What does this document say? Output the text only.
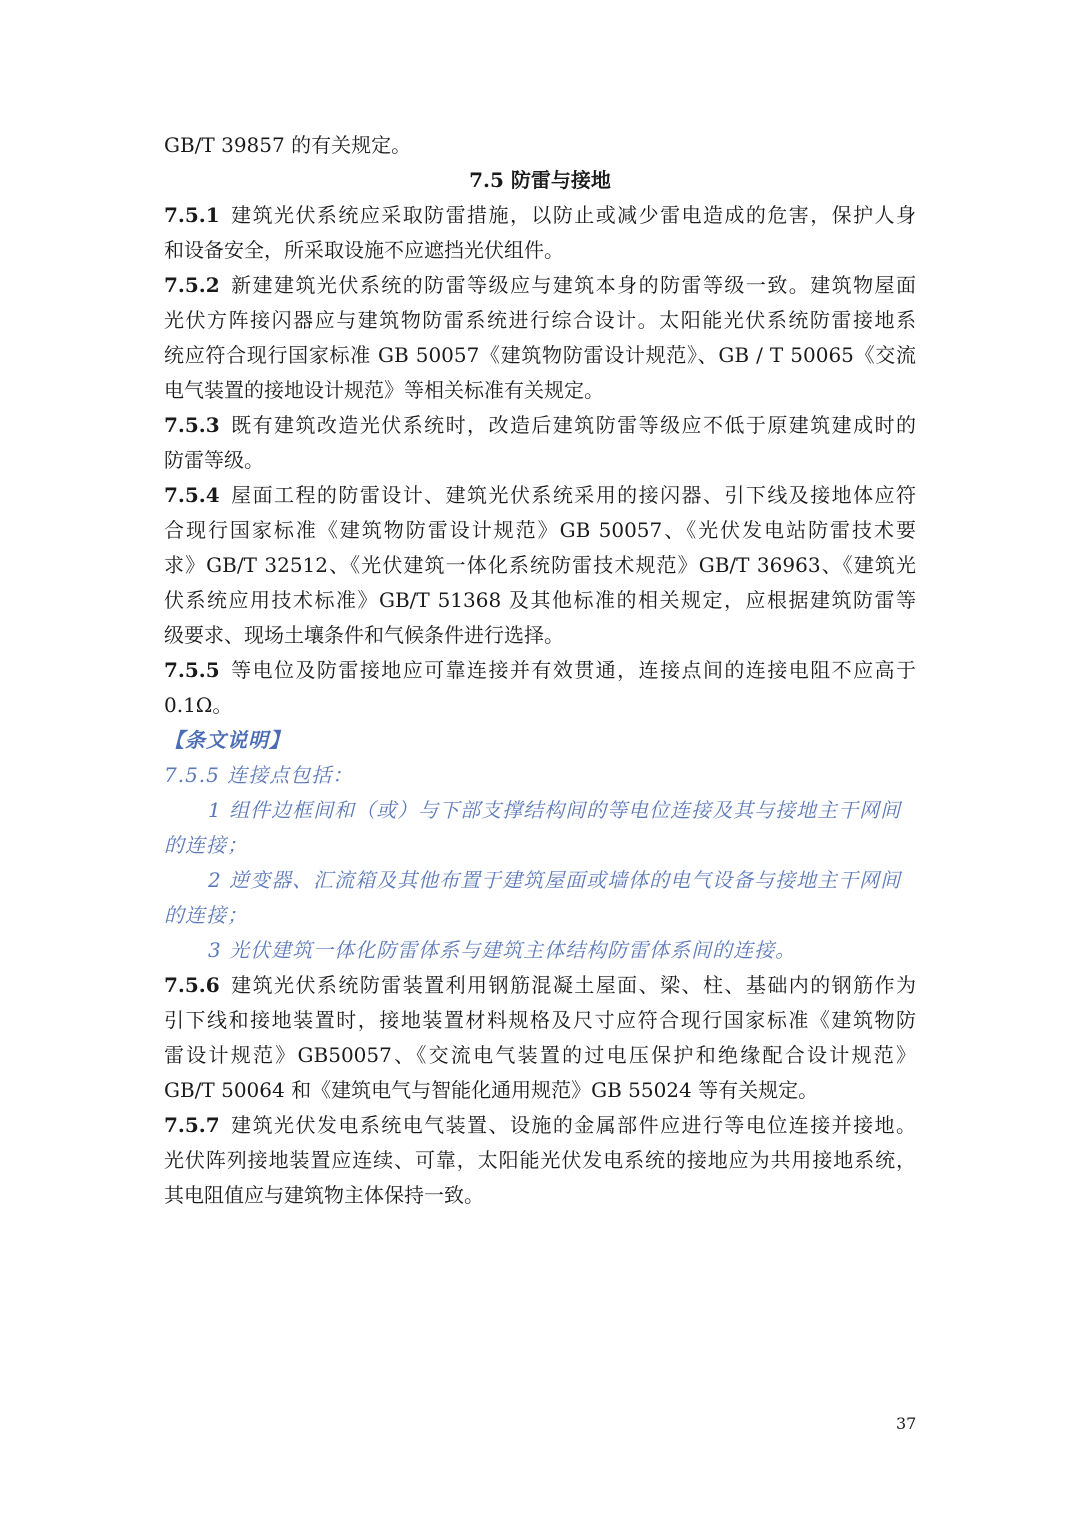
GB/T 39857 的有关规定。
7.5 防雷与接地
7.5.1 建筑光伏系统应采取防雷措施，以防止或减少雷电造成的危害，保护人身
和设备安全，所采取设施不应遮挡光伏组件。
7.5.2 新建建筑光伏系统的防雷等级应与建筑本身的防雷等级一致。建筑物屋面
光伏方阵接闪器应与建筑物防雷系统进行综合设计。太阳能光伏系统防雷接地系
统应符合现行国家标准 GB 50057《建筑物防雷设计规范》、GB / T 50065《交流
电气装置的接地设计规范》等相关标准有关规定。
7.5.3 既有建筑改造光伏系统时，改造后建筑防雷等级应不低于原建筑建成时的
防雷等级。
7.5.4 屋面工程的防雷设计、建筑光伏系统采用的接闪器、引下线及接地体应符
合现行国家标准《建筑物防雷设计规范》GB 50057、《光伏发电站防雷技术要
求》GB/T 32512、《光伏建筑一体化系统防雷技术规范》GB/T 36963、《建筑光
伏系统应用技术标准》GB/T 51368 及其他标准的相关规定，应根据建筑防雷等
级要求、现场土壤条件和气候条件进行选择。
7.5.5 等电位及防雷接地应可靠连接并有效贯通，连接点间的连接电阻不应高于
0.1Ω。
【条文说明】
7.5.5 连接点包括：
1 组件边框间和（或）与下部支撑结构间的等电位连接及其与接地主干网间
的连接；
2 逆变器、汇流箱及其他布置于建筑屋面或墙体的电气设备与接地主干网间
的连接；
3 光伏建筑一体化防雷体系与建筑主体结构防雷体系间的连接。
7.5.6 建筑光伏系统防雷装置利用钢筋混凝土屋面、梁、柱、基础内的钢筋作为
引下线和接地装置时，接地装置材料规格及尺寸应符合现行国家标准《建筑物防
雷设计规范》GB50057、《交流电气装置的过电压保护和绝缘配合设计规范》
GB/T 50064 和《建筑电气与智能化通用规范》GB 55024 等有关规定。
7.5.7 建筑光伏发电系统电气装置、设施的金属部件应进行等电位连接并接地。
光伏阵列接地装置应连续、可靠，太阳能光伏发电系统的接地应为共用接地系统，
其电阻值应与建筑物主体保持一致。
37
